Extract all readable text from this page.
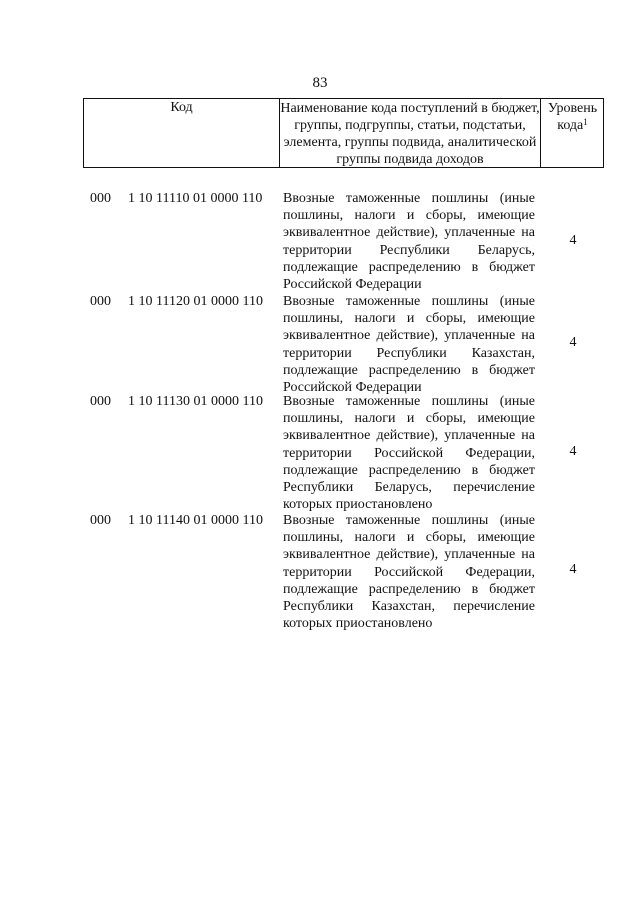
83
Код	Наименование кода поступлений в бюджет, группы, подгруппы, статьи, подстатьи, элемента, группы подвида, аналитической группы подвида доходов
Уровень кода$^1$
000 1 10 11110 01 0000 110 Ввозные таможенные пошлины (иные пошлины, налоги и сборы, имеющие эквивалентное действие), уплаченные на территории Республики Беларусь, подлежащие распределению в бюджет Российской Федерации
4
000 1 10 11120 01 0000 110 Ввозные таможенные пошлины (иные пошлины, налоги и сборы, имеющие эквивалентное действие), уплаченные на территории Республики Казахстан, подлежащие распределению в бюджет Российской Федерации
4
000 1 10 11130 01 0000 110 Ввозные таможенные пошлины (иные пошлины, налоги и сборы, имеющие эквивалентное действие), уплаченные на территории Российской Федерации, подлежащие распределению в бюджет Республики Беларусь, перечисление которых приостановлено
4
000 1 10 11140 01 0000 110 Ввозные таможенные пошлины (иные пошлины, налоги и сборы, имеющие эквивалентное действие), уплаченные на территории Российской Федерации, подлежащие распределению в бюджет Республики Казахстан, перечисление которых приостановлено
4
